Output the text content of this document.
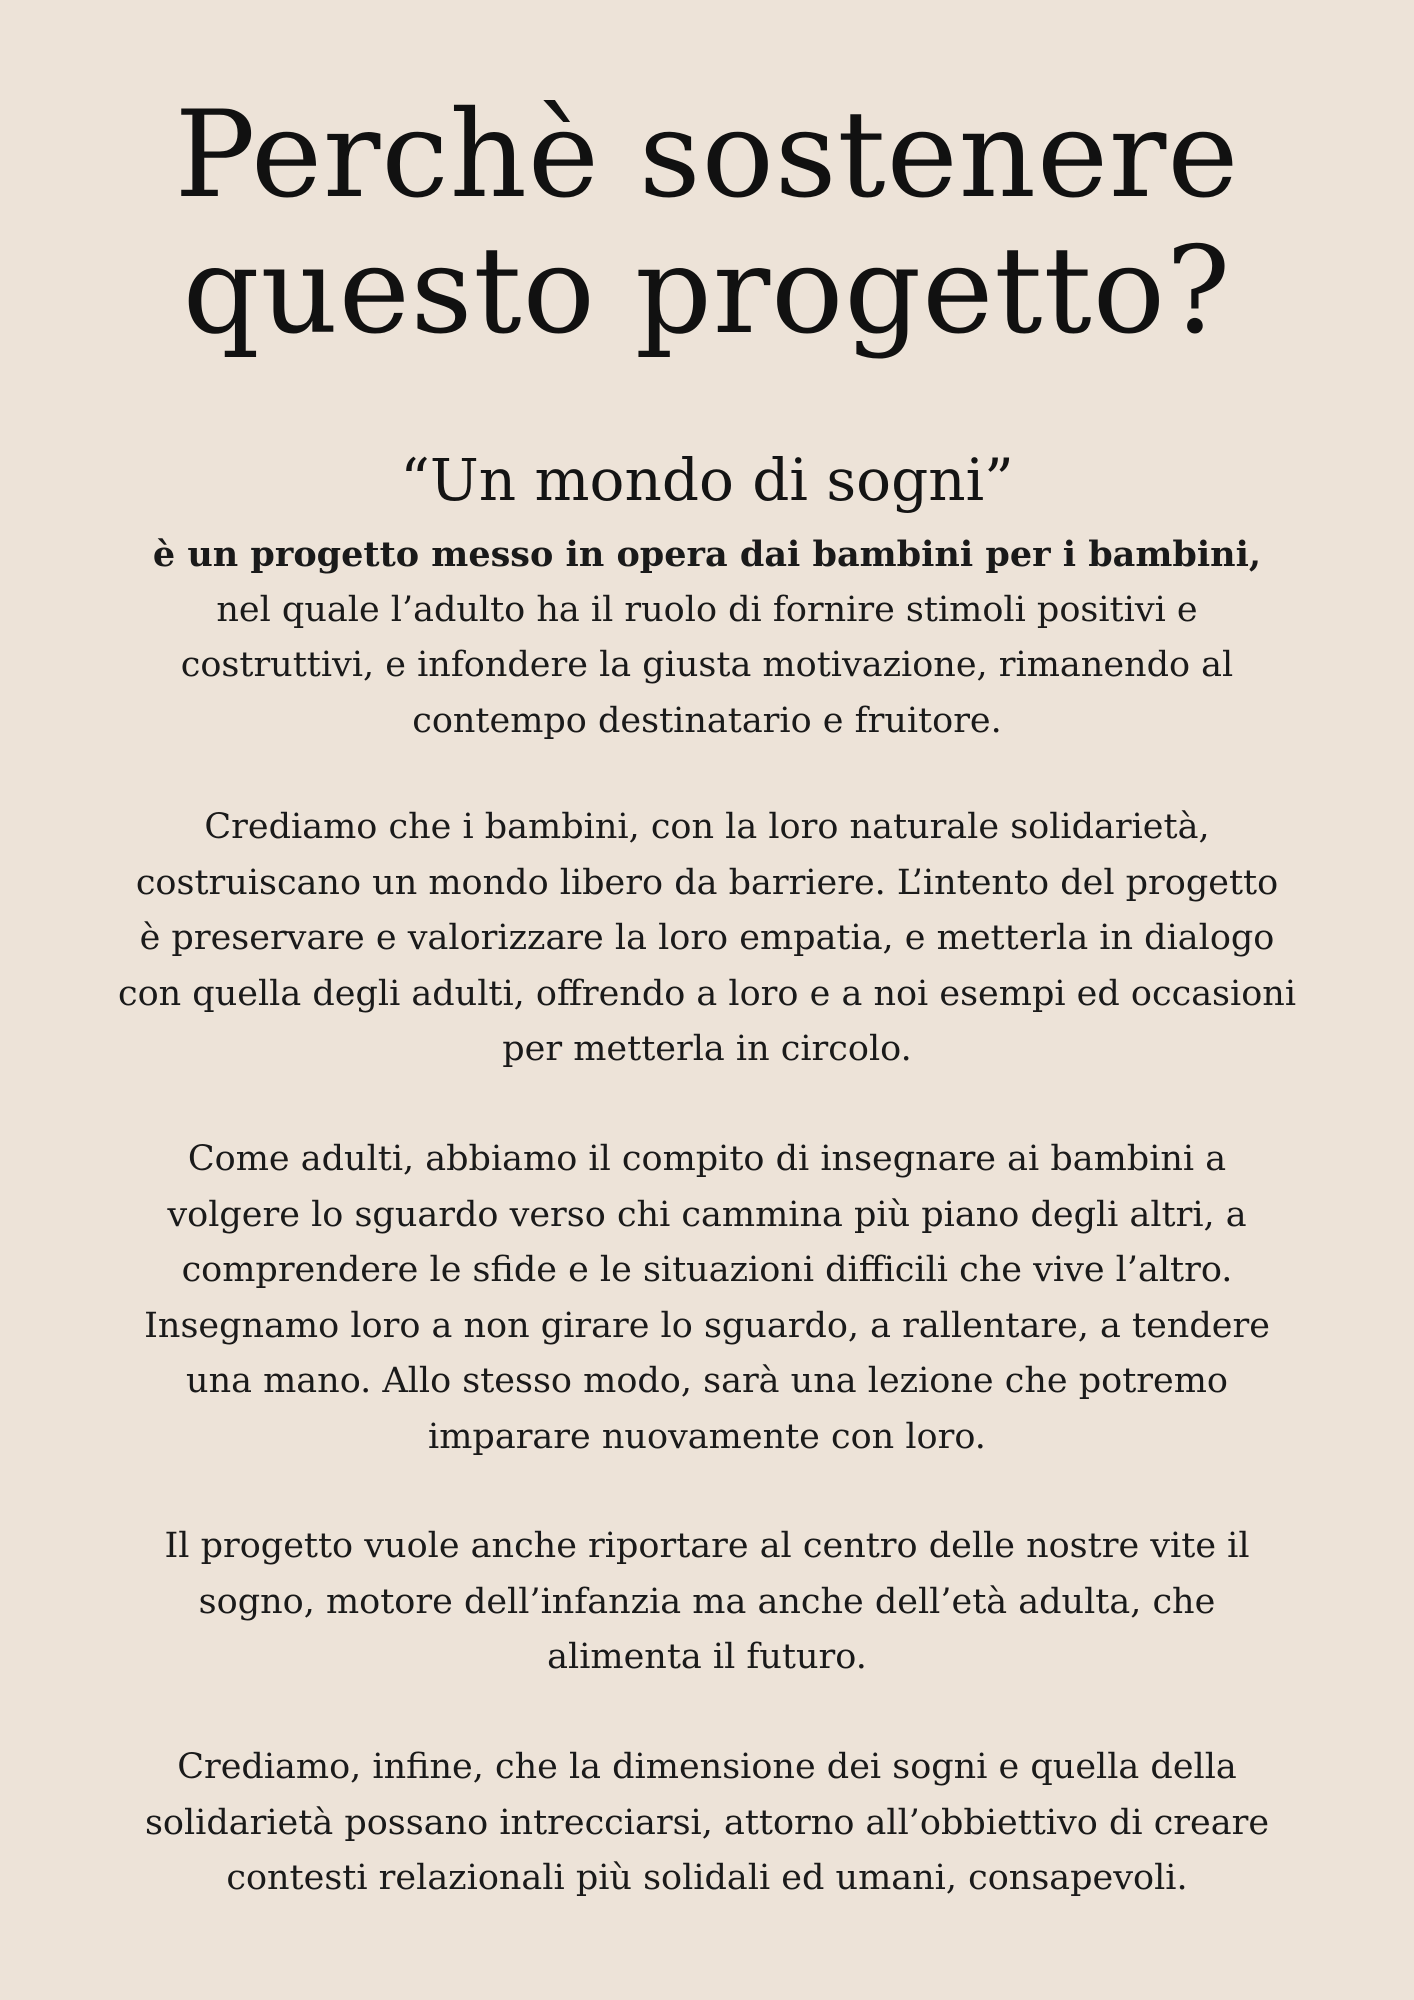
Perchè sostenere
questo progetto?
“Un mondo di sogni”
è un progetto messo in opera dai bambini per i bambini,
nel quale l’adulto ha il ruolo di fornire stimoli positivi e
costruttivi, e infondere la giusta motivazione, rimanendo al
contempo destinatario e fruitore.
Crediamo che i bambini, con la loro naturale solidarietà,
costruiscano un mondo libero da barriere. L’intento del progetto
è preservare e valorizzare la loro empatia, e metterla in dialogo
con quella degli adulti, offrendo a loro e a noi esempi ed occasioni
per metterla in circolo.
Come adulti, abbiamo il compito di insegnare ai bambini a
volgere lo sguardo verso chi cammina più piano degli altri, a
comprendere le sfide e le situazioni difficili che vive l’altro.
Insegnamo loro a non girare lo sguardo, a rallentare, a tendere
una mano. Allo stesso modo, sarà una lezione che potremo
imparare nuovamente con loro.
Il progetto vuole anche riportare al centro delle nostre vite il
sogno, motore dell’infanzia ma anche dell’età adulta, che
alimenta il futuro.
Crediamo, infine, che la dimensione dei sogni e quella della
solidarietà possano intrecciarsi, attorno all’obbiettivo di creare
contesti relazionali più solidali ed umani, consapevoli.
